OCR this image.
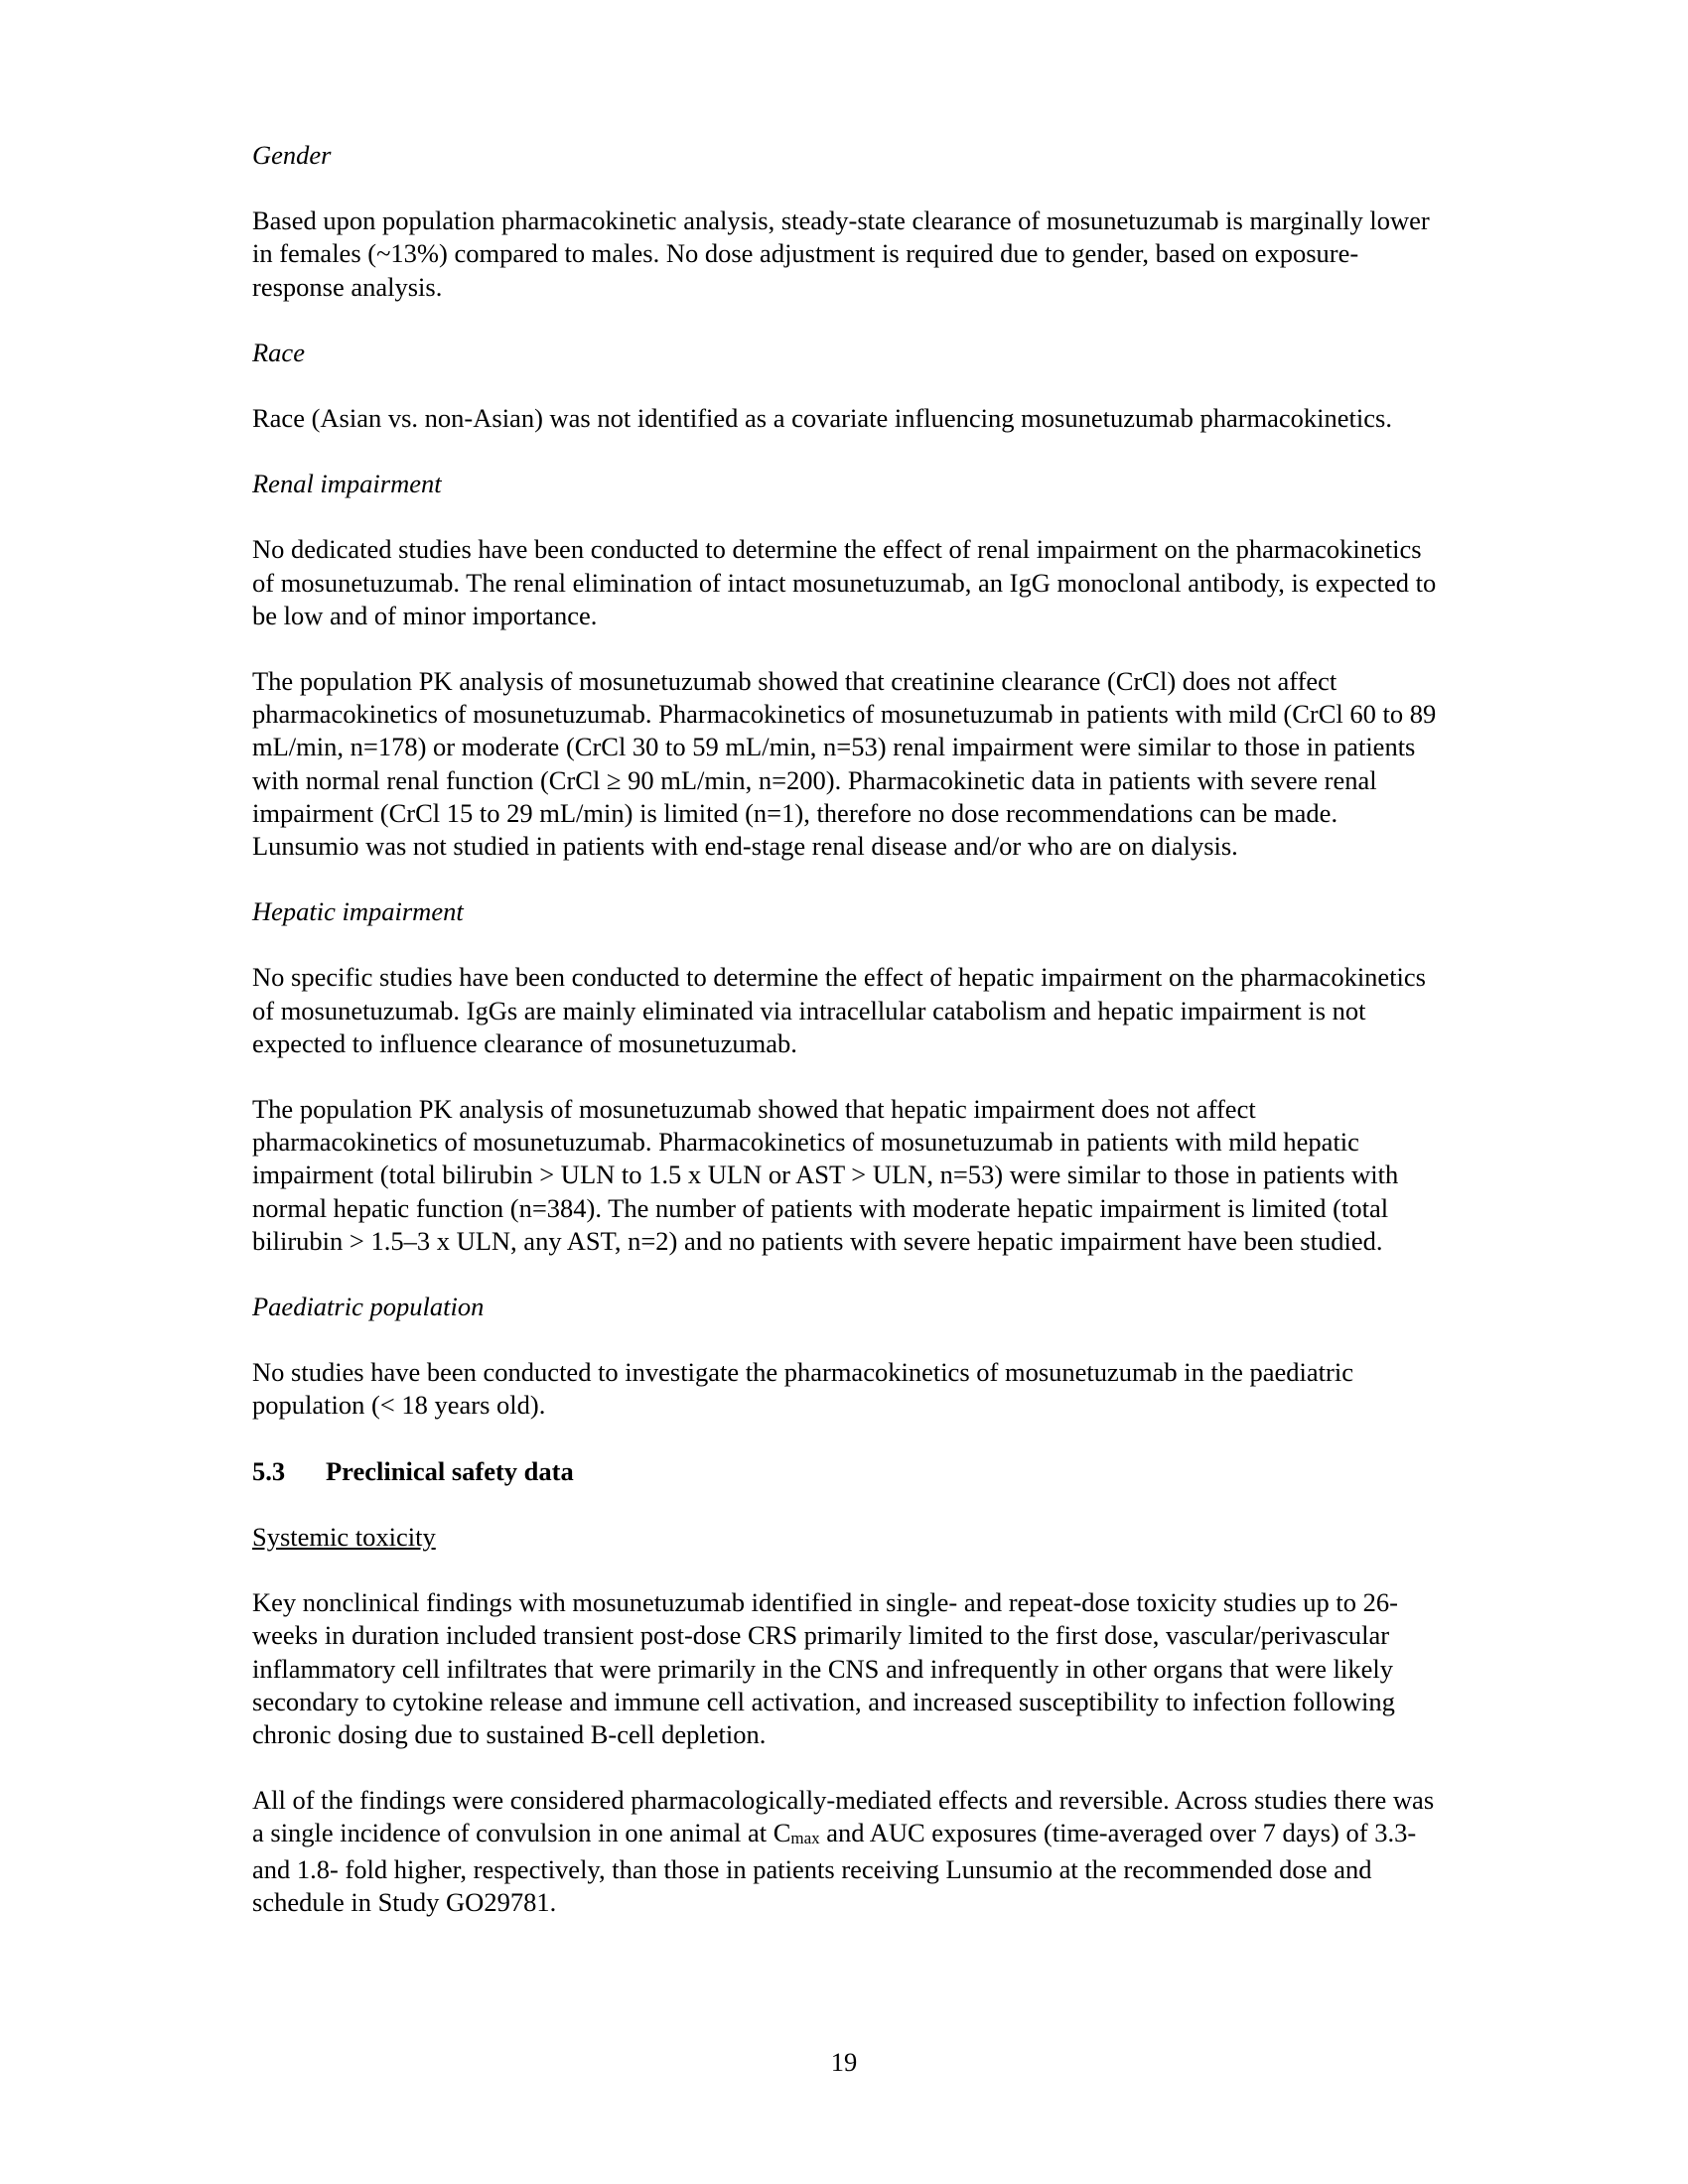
Gender

Based upon population pharmacokinetic analysis, steady-state clearance of mosunetuzumab is marginally lower in females (~13%) compared to males. No dose adjustment is required due to gender, based on exposure-response analysis.

Race

Race (Asian vs. non-Asian) was not identified as a covariate influencing mosunetuzumab pharmacokinetics.

Renal impairment

No dedicated studies have been conducted to determine the effect of renal impairment on the pharmacokinetics of mosunetuzumab. The renal elimination of intact mosunetuzumab, an IgG monoclonal antibody, is expected to be low and of minor importance.

The population PK analysis of mosunetuzumab showed that creatinine clearance (CrCl) does not affect pharmacokinetics of mosunetuzumab. Pharmacokinetics of mosunetuzumab in patients with mild (CrCl 60 to 89 mL/min, n=178) or moderate (CrCl 30 to 59 mL/min, n=53) renal impairment were similar to those in patients with normal renal function (CrCl ≥ 90 mL/min, n=200). Pharmacokinetic data in patients with severe renal impairment (CrCl 15 to 29 mL/min) is limited (n=1), therefore no dose recommendations can be made. Lunsumio was not studied in patients with end-stage renal disease and/or who are on dialysis.

Hepatic impairment

No specific studies have been conducted to determine the effect of hepatic impairment on the pharmacokinetics of mosunetuzumab. IgGs are mainly eliminated via intracellular catabolism and hepatic impairment is not expected to influence clearance of mosunetuzumab.

The population PK analysis of mosunetuzumab showed that hepatic impairment does not affect pharmacokinetics of mosunetuzumab. Pharmacokinetics of mosunetuzumab in patients with mild hepatic impairment (total bilirubin > ULN to 1.5 x ULN or AST > ULN, n=53) were similar to those in patients with normal hepatic function (n=384). The number of patients with moderate hepatic impairment is limited (total bilirubin > 1.5–3 x ULN, any AST, n=2) and no patients with severe hepatic impairment have been studied.

Paediatric population

No studies have been conducted to investigate the pharmacokinetics of mosunetuzumab in the paediatric population (< 18 years old).

5.3 Preclinical safety data

Systemic toxicity

Key nonclinical findings with mosunetuzumab identified in single- and repeat-dose toxicity studies up to 26-weeks in duration included transient post-dose CRS primarily limited to the first dose, vascular/perivascular inflammatory cell infiltrates that were primarily in the CNS and infrequently in other organs that were likely secondary to cytokine release and immune cell activation, and increased susceptibility to infection following chronic dosing due to sustained B-cell depletion.

All of the findings were considered pharmacologically-mediated effects and reversible. Across studies there was a single incidence of convulsion in one animal at $C_{max}$ and AUC exposures (time-averaged over 7 days) of 3.3- and 1.8- fold higher, respectively, than those in patients receiving Lunsumio at the recommended dose and schedule in Study GO29781.

19
